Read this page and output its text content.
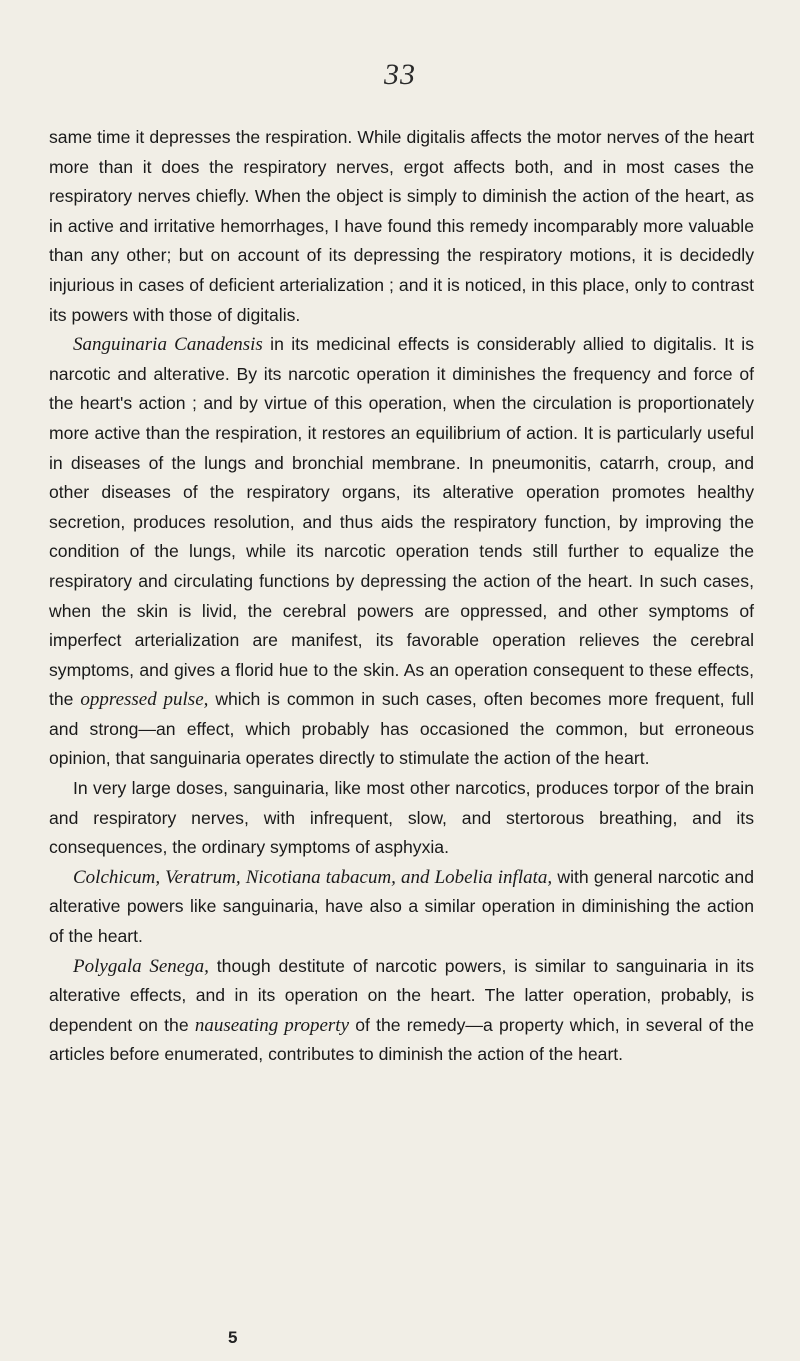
33

same time it depresses the respiration. While digitalis affects the motor nerves of the heart more than it does the respiratory nerves, ergot affects both, and in most cases the respiratory nerves chiefly. When the object is simply to diminish the action of the heart, as in active and irritative hemorrhages, I have found this remedy incomparably more valuable than any other; but on account of its depressing the respiratory motions, it is decidedly injurious in cases of deficient arterialization ; and it is noticed, in this place, only to contrast its powers with those of digitalis.

Sanguinaria Canadensis in its medicinal effects is considerably allied to digitalis. It is narcotic and alterative. By its narcotic operation it diminishes the frequency and force of the heart's action ; and by virtue of this operation, when the circulation is proportionately more active than the respiration, it restores an equilibrium of action. It is particularly useful in diseases of the lungs and bronchial membrane. In pneumonitis, catarrh, croup, and other diseases of the respiratory organs, its alterative operation promotes healthy secretion, produces resolution, and thus aids the respiratory function, by improving the condition of the lungs, while its narcotic operation tends still further to equalize the respiratory and circulating functions by depressing the action of the heart. In such cases, when the skin is livid, the cerebral powers are oppressed, and other symptoms of imperfect arterialization are manifest, its favorable operation relieves the cerebral symptoms, and gives a florid hue to the skin. As an operation consequent to these effects, the oppressed pulse, which is common in such cases, often becomes more frequent, full and strong—an effect, which probably has occasioned the common, but erroneous opinion, that sanguinaria operates directly to stimulate the action of the heart.

In very large doses, sanguinaria, like most other narcotics, produces torpor of the brain and respiratory nerves, with infrequent, slow, and stertorous breathing, and its consequences, the ordinary symptoms of asphyxia.

Colchicum, Veratrum, Nicotiana tabacum, and Lobelia inflata, with general narcotic and alterative powers like sanguinaria, have also a similar operation in diminishing the action of the heart.

Polygala Senega, though destitute of narcotic powers, is similar to sanguinaria in its alterative effects, and in its operation on the heart. The latter operation, probably, is dependent on the nauseating property of the remedy—a property which, in several of the articles before enumerated, contributes to diminish the action of the heart.

5
